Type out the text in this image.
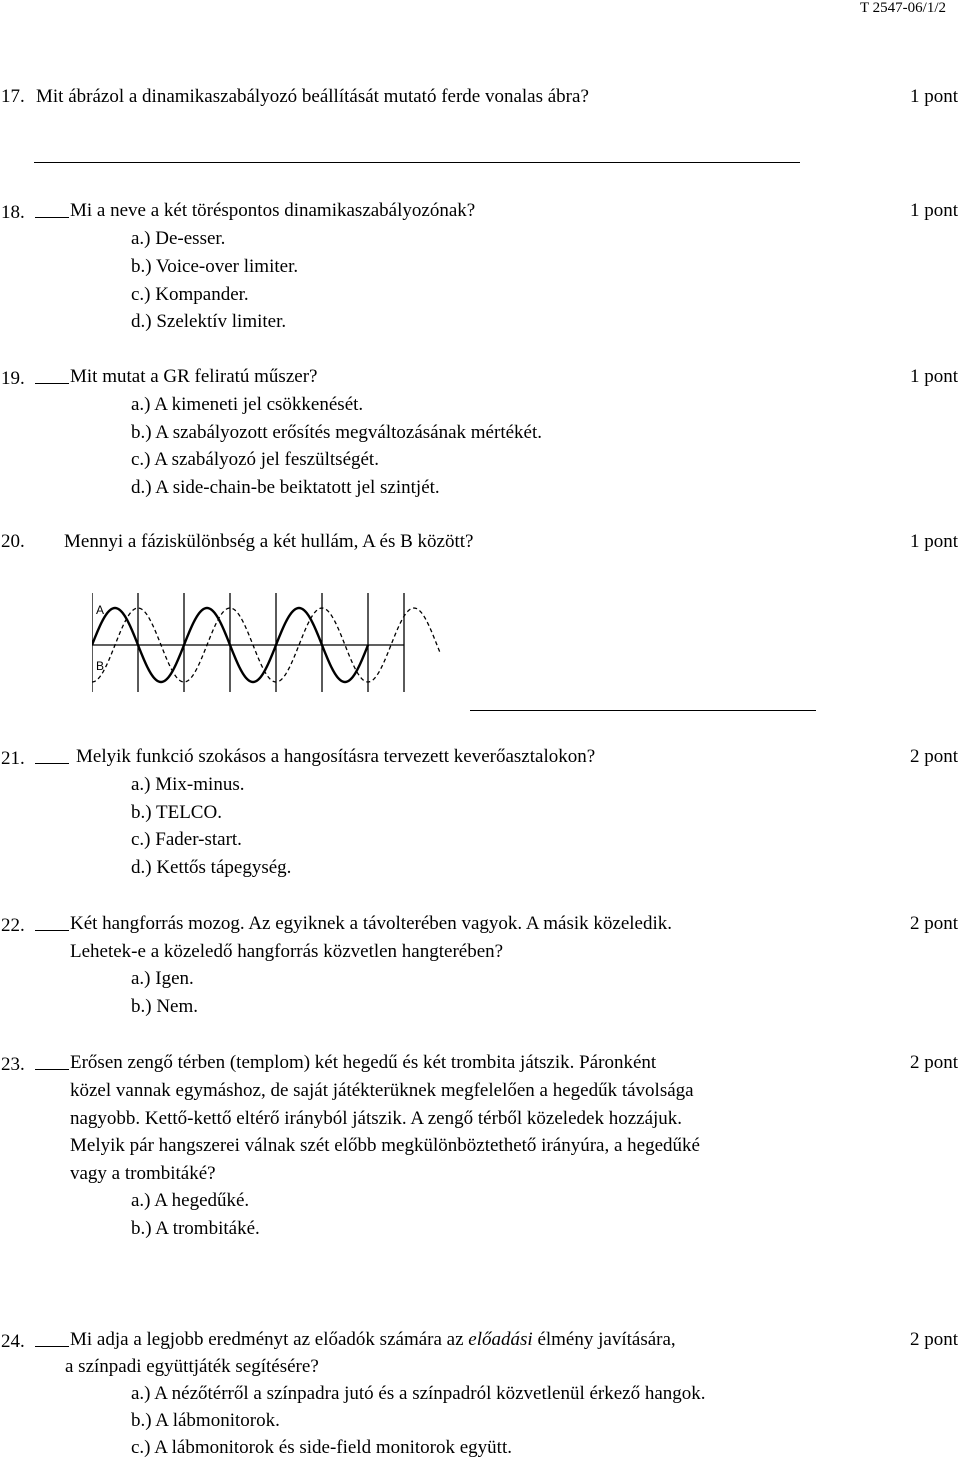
T 2547-06/1/2
17. Mit ábrázol a dinamikaszabályozó beállítását mutató ferde vonalas ábra?	1 pont
18.	Mi a neve a két töréspontos dinamikaszabályozónak?	1 pont
a.) De-esser.
b.) Voice-over limiter.
c.) Kompander.
d.) Szelektív limiter.
19.	Mit mutat a GR feliratú műszer?	1 pont
a.) A kimeneti jel csökkenését.
b.) A szabályozott erősítés megváltozásának mértékét.
c.) A szabályozó jel feszültségét.
d.) A side-chain-be beiktatott jel szintjét.
20. Mennyi a fáziskülönbség a két hullám, A és B között?	1 pont
A
B
21.	Melyik funkció szokásos a hangosításra tervezett keverőasztalokon?	2 pont
a.) Mix-minus.
b.) TELCO.
c.) Fader-start.
d.) Kettős tápegység.
22.	Két hangforrás mozog. Az egyiknek a távolterében vagyok. A másik közeledik.	2 pont
Lehetek-e a közeledő hangforrás közvetlen hangterében?
a.) Igen.
b.) Nem.
23.	Erősen zengő térben (templom) két hegedű és két trombita játszik. Páronként	2 pont
közel vannak egymáshoz, de saját játékterüknek megfelelően a hegedűk távolsága
nagyobb. Kettő-kettő eltérő irányból játszik. A zengő térből közeledek hozzájuk.
Melyik pár hangszerei válnak szét előbb megkülönböztethető irányúra, a hegedűké
vagy a trombitáké?
a.) A hegedűké.
b.) A trombitáké.
24.	Mi adja a legjobb eredményt az előadók számára az előadási élmény javítására,	2 pont
a színpadi együttjáték segítésére?
a.) A nézőtérről a színpadra jutó és a színpadról közvetlenül érkező hangok.
b.) A lábmonitorok.
c.) A lábmonitorok és side-field monitorok együtt.
